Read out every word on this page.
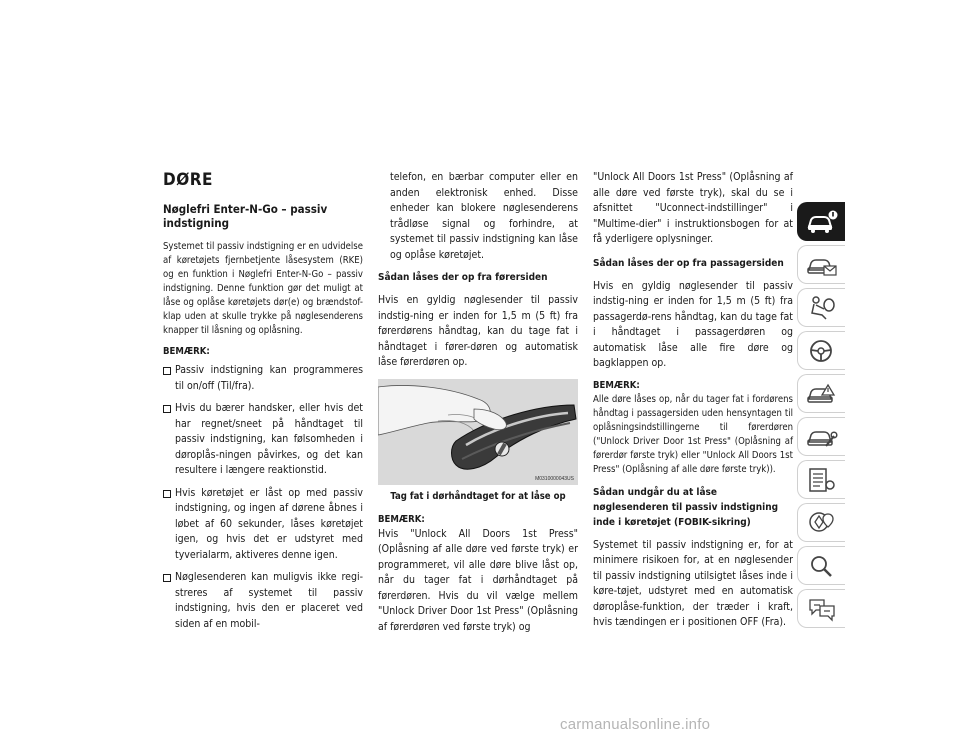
DØRE
Nøglefri Enter-N-Go – passiv indstigning

Systemet til passiv indstigning er en udvidelse af køretøjets fjernbetjente låsesystem (RKE) og en funktion i Nøglefri Enter-N-Go – passiv indstigning. Denne funktion gør det muligt at låse og oplåse køretøjets dør(e) og brændstof-klap uden at skulle trykke på nøglesenderens knapper til låsning og oplåsning.

BEMÆRK:
Passiv indstigning kan programmeres til on/off (Til/fra).
Hvis du bærer handsker, eller hvis det har regnet/sneet på håndtaget til passiv indstigning, kan følsomheden i døroplås-ningen påvirkes, og det kan resultere i længere reaktionstid.
Hvis køretøjet er låst op med passiv indstigning, og ingen af dørene åbnes i løbet af 60 sekunder, låses køretøjet igen, og hvis det er udstyret med tyverialarm, aktiveres denne igen.
Nøglesenderen kan muligvis ikke regi-streres af systemet til passiv indstigning, hvis den er placeret ved siden af en mobil-
telefon, en bærbar computer eller en anden elektronisk enhed. Disse enheder kan blokere nøglesenderens trådløse signal og forhindre, at systemet til passiv indstigning kan låse og oplåse køretøjet.
Sådan låses der op fra førersiden

Hvis en gyldig nøglesender til passiv indstig-ning er inden for 1,5 m (5 ft) fra førerdørens håndtag, kan du tage fat i håndtaget i fører-døren og automatisk låse førerdøren op.

M0310000043US
Tag fat i dørhåndtaget for at låse op
BEMÆRK:

Hvis "Unlock All Doors 1st Press" (Oplåsning af alle døre ved første tryk) er programmeret, vil alle døre blive låst op, når du tager fat i dørhåndtaget på førerdøren. Hvis du vil vælge mellem "Unlock Driver Door 1st Press" (Oplåsning af førerdøren ved første tryk) og

"Unlock All Doors 1st Press" (Oplåsning af alle døre ved første tryk), skal du se i afsnittet "Uconnect-indstillinger" i "Multime-dier" i instruktionsbogen for at få yderligere oplysninger.

Sådan låses der op fra passagersiden

Hvis en gyldig nøglesender til passiv indstig-ning er inden for 1,5 m (5 ft) fra passagerdø-rens håndtag, kan du tage fat i håndtaget i passagerdøren og automatisk låse alle fire døre og bagklappen op.

BEMÆRK:

Alle døre låses op, når du tager fat i fordørens håndtag i passagersiden uden hensyntagen til oplåsningsindstillingerne til førerdøren ("Unlock Driver Door 1st Press" (Oplåsning af førerdør første tryk) eller "Unlock All Doors 1st Press" (Oplåsning af alle døre første tryk)).

Sådan undgår du at låse nøglesenderen til passiv indstigning inde i køretøjet (FOBIK-sikring)

Systemet til passiv indstigning er, for at minimere risikoen for, at en nøglesender til passiv indstigning utilsigtet låses inde i køre-tøjet, udstyret med en automatisk døroplåse-funktion, der træder i kraft, hvis tændingen er i positionen OFF (Fra).

carmanualsonline.info
